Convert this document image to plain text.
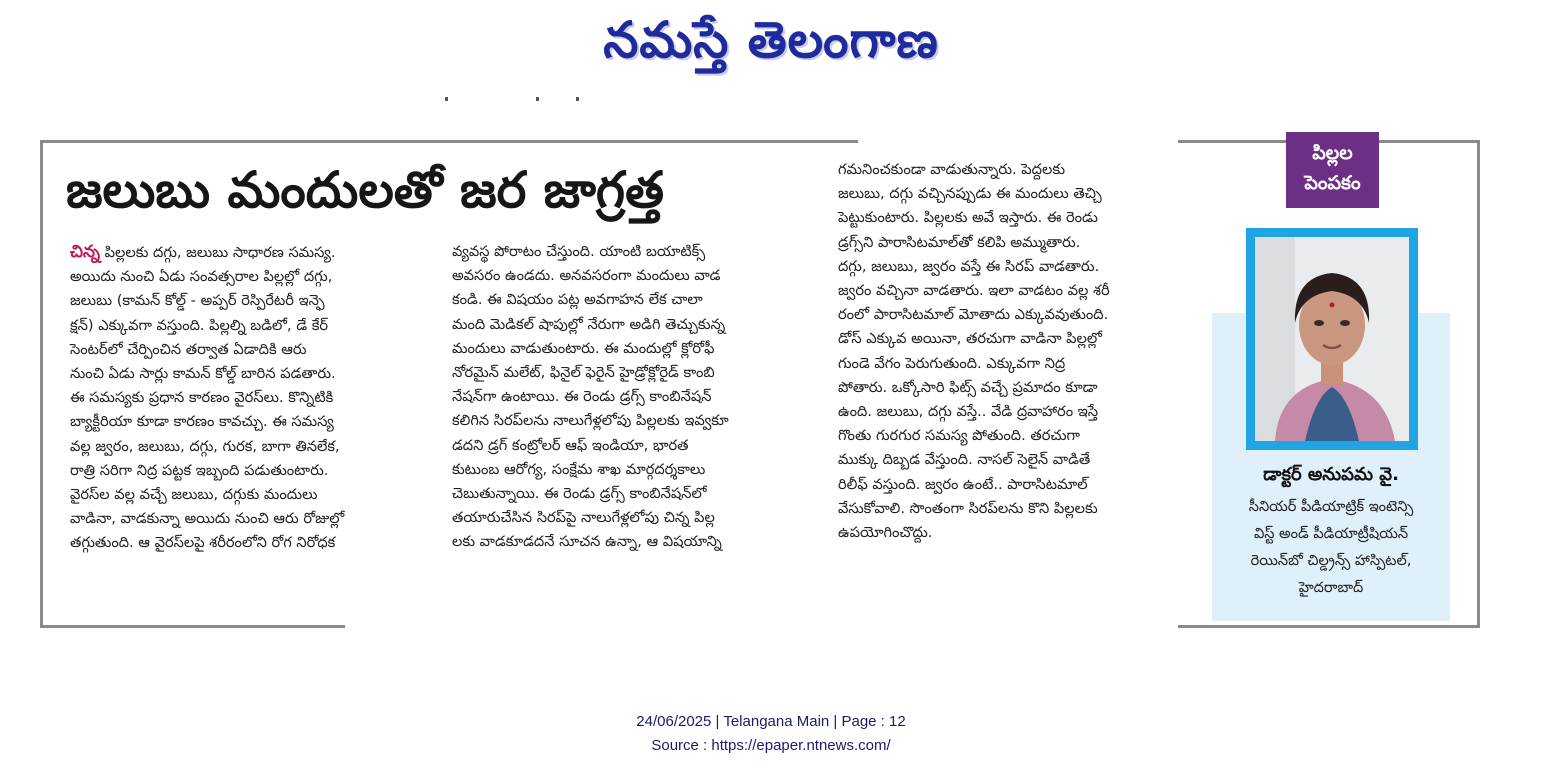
నమస్తే తెలంగాణ
జలుబు మందులతో జర జాగ్రత్త

చిన్న పిల్లలకు దగ్గు, జలుబు సాధారణ సమస్య.

అయిదు నుంచి ఏడు సంవత్సరాల పిల్లల్లో దగ్గు,

జలుబు (కామన్ కోల్డ్ - అప్పర్ రెస్పిరేటరీ ఇన్ఫె

క్షన్) ఎక్కువగా వస్తుంది. పిల్లల్ని బడిలో, డే కేర్

సెంటర్‌లో చేర్పించిన తర్వాత ఏడాదికి ఆరు

నుంచి ఏడు సార్లు కామన్ కోల్డ్ బారిన పడతారు.

ఈ సమస్యకు ప్రధాన కారణం వైరస్‌లు. కొన్నిటికి

బ్యాక్టీరియా కూడా కారణం కావచ్చు. ఈ సమస్య

వల్ల జ్వరం, జలుబు, దగ్గు, గురక, బాగా తినలేక,

రాత్రి సరిగా నిద్ర పట్టక ఇబ్బంది పడుతుంటారు.

వైరస్‌ల వల్ల వచ్చే జలుబు, దగ్గుకు మందులు

వాడినా, వాడకున్నా అయిదు నుంచి ఆరు రోజుల్లో

తగ్గుతుంది. ఆ వైరస్‌లపై శరీరంలోని రోగ నిరోధక

వ్యవస్థ పోరాటం చేస్తుంది. యాంటి బయాటిక్స్

అవసరం ఉండదు. అనవసరంగా మందులు వాడ

కండి. ఈ విషయం పట్ల అవగాహన లేక చాలా

మంది మెడికల్ షాపుల్లో నేరుగా అడిగి తెచ్చుకున్న

మందులు వాడుతుంటారు. ఈ మందుల్లో క్లోరోఫీ

నోరమైన్ మలేట్, ఫినైల్ ఫెరైన్ హైడ్రోక్లోరైడ్ కాంబి

నేషన్‌గా ఉంటాయి. ఈ రెండు డ్రగ్స్ కాంబినేషన్

కలిగిన సిరప్‌లను నాలుగేళ్లలోపు పిల్లలకు ఇవ్వకూ

డదని డ్రగ్ కంట్రోలర్ ఆఫ్ ఇండియా, భారత

కుటుంబ ఆరోగ్య, సంక్షేమ శాఖ మార్గదర్శకాలు

చెబుతున్నాయి. ఈ రెండు డ్రగ్స్ కాంబినేషన్‌లో

తయారుచేసిన సిరప్‌పై నాలుగేళ్లలోపు చిన్న పిల్ల

లకు వాడకూడదనే సూచన ఉన్నా, ఆ విషయాన్ని

గమనించకుండా వాడుతున్నారు. పెద్దలకు

జలుబు, దగ్గు వచ్చినప్పుడు ఈ మందులు తెచ్చి

పెట్టుకుంటారు. పిల్లలకు అవే ఇస్తారు. ఈ రెండు

డ్రగ్స్‌ని పారాసిటమాల్‌తో కలిపి అమ్ముతారు.

దగ్గు, జలుబు, జ్వరం వస్తే ఈ సిరప్ వాడతారు.

జ్వరం వచ్చినా వాడతారు. ఇలా వాడటం వల్ల శరీ

రంలో పారాసిటమాల్ మోతాదు ఎక్కువవుతుంది.

డోస్ ఎక్కువ అయినా, తరచుగా వాడినా పిల్లల్లో

గుండె వేగం పెరుగుతుంది. ఎక్కువగా నిద్ర

పోతారు. ఒక్కోసారి ఫిట్స్ వచ్చే ప్రమాదం కూడా

ఉంది. జలుబు, దగ్గు వస్తే.. వేడి ద్రవాహారం ఇస్తే

గొంతు గురగుర సమస్య పోతుంది. తరచుగా

ముక్కు దిబ్బడ వేస్తుంది. నాసల్ సెలైన్ వాడితే

రిలీఫ్ వస్తుంది. జ్వరం ఉంటే.. పారాసిటమాల్

వేసుకోవాలి. సొంతంగా సిరప్‌లను కొని పిల్లలకు

ఉపయోగించొద్దు.

పిల్లల
పెంపకం
డాక్టర్ అనుపమ వై.

సీనియర్ పీడియాట్రిక్ ఇంటెన్సి

విస్ట్ అండ్ పీడియాట్రీషియన్

రెయిన్‌బో చిల్డ్రన్స్ హాస్పిటల్,

హైదరాబాద్

24/06/2025 | Telangana Main | Page : 12

Source : https://epaper.ntnews.com/
